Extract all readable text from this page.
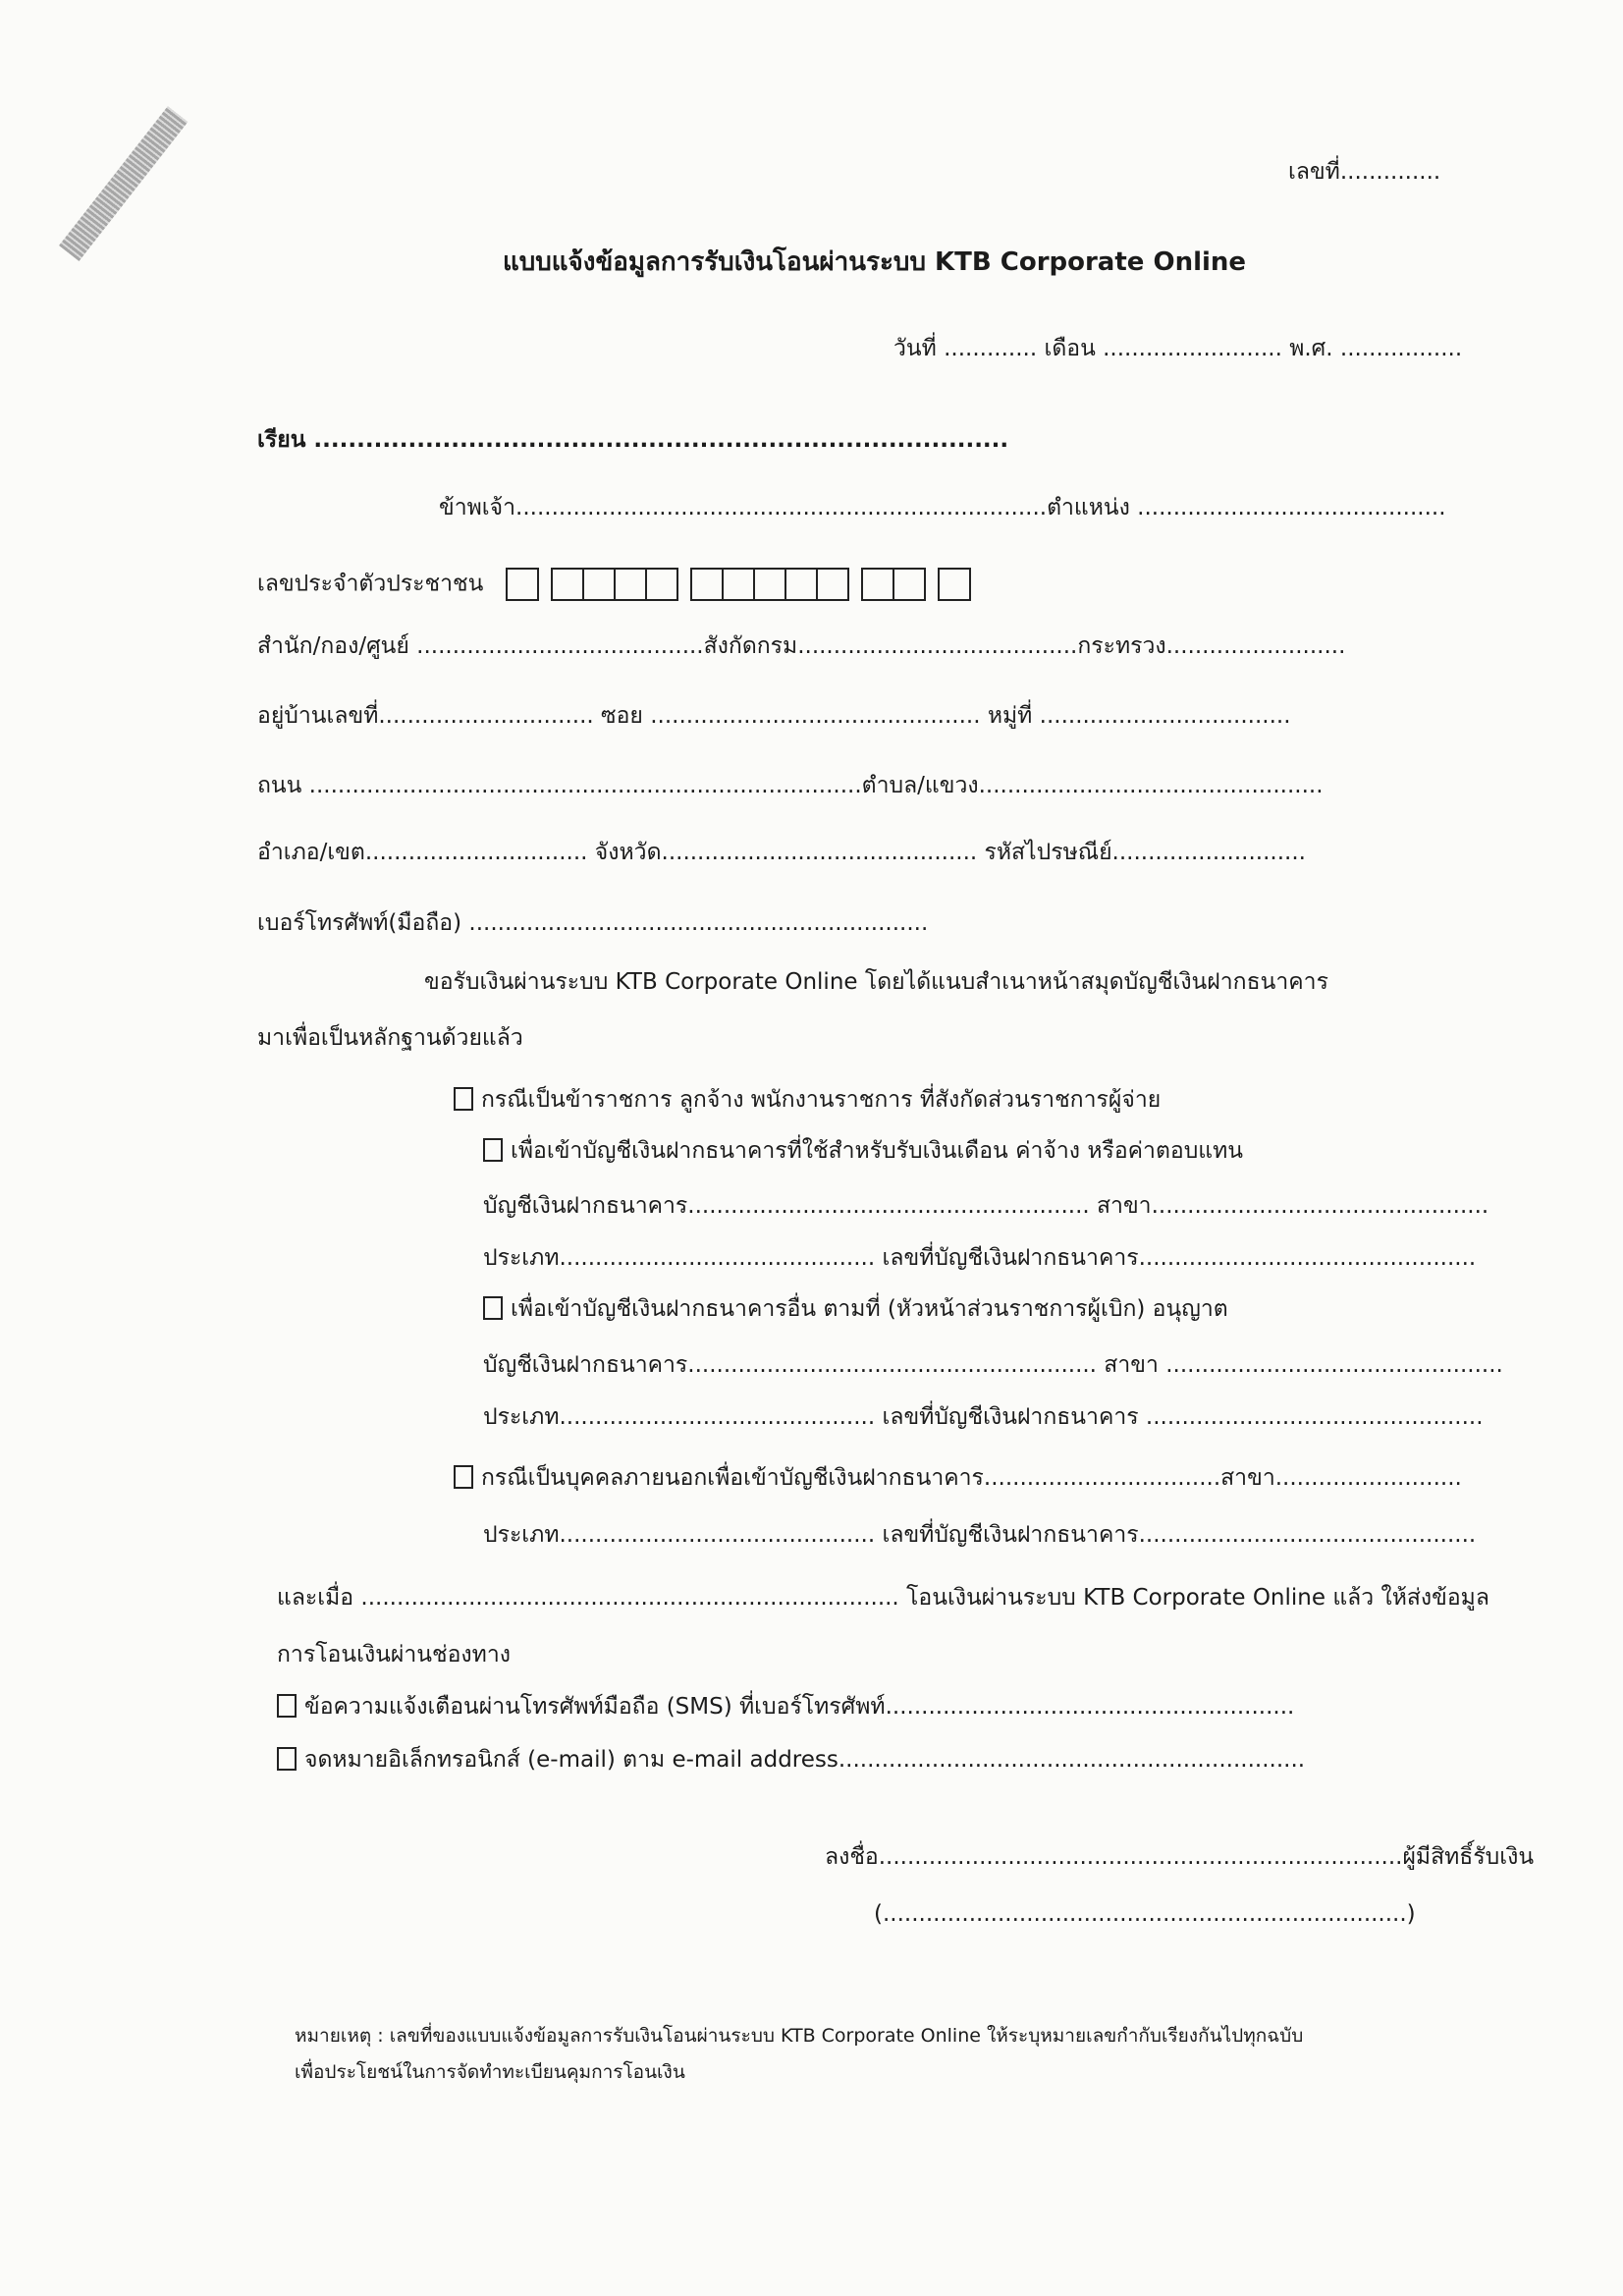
เลขที่..............
แบบแจ้งข้อมูลการรับเงินโอนผ่านระบบ KTB Corporate Online
วันที่ ............. เดือน ......................... พ.ศ. .................
เรียน .................................................................................
ข้าพเจ้า..........................................................................ตำแหน่ง ...........................................
เลขประจำตัวประชาชน
สำนัก/กอง/ศูนย์ ........................................สังกัดกรม.......................................กระทรวง.........................
อยู่บ้านเลขที่.............................. ซอย .............................................. หมู่ที่ ...................................
ถนน .............................................................................ตำบล/แขวง................................................
อำเภอ/เขต............................... จังหวัด............................................ รหัสไปรษณีย์...........................
เบอร์โทรศัพท์(มือถือ) ................................................................
ขอรับเงินผ่านระบบ KTB Corporate Online โดยได้แนบสำเนาหน้าสมุดบัญชีเงินฝากธนาคาร
มาเพื่อเป็นหลักฐานด้วยแล้ว
กรณีเป็นข้าราชการ ลูกจ้าง พนักงานราชการ ที่สังกัดส่วนราชการผู้จ่าย
เพื่อเข้าบัญชีเงินฝากธนาคารที่ใช้สำหรับรับเงินเดือน ค่าจ้าง หรือค่าตอบแทน
บัญชีเงินฝากธนาคาร........................................................ สาขา...............................................
ประเภท............................................ เลขที่บัญชีเงินฝากธนาคาร...............................................
เพื่อเข้าบัญชีเงินฝากธนาคารอื่น ตามที่ (หัวหน้าส่วนราชการผู้เบิก) อนุญาต
บัญชีเงินฝากธนาคาร......................................................... สาขา ...............................................
ประเภท............................................ เลขที่บัญชีเงินฝากธนาคาร ...............................................
กรณีเป็นบุคคลภายนอกเพื่อเข้าบัญชีเงินฝากธนาคาร.................................สาขา..........................
ประเภท............................................ เลขที่บัญชีเงินฝากธนาคาร...............................................
และเมื่อ ........................................................................... โอนเงินผ่านระบบ KTB Corporate Online แล้ว ให้ส่งข้อมูล
การโอนเงินผ่านช่องทาง
ข้อความแจ้งเตือนผ่านโทรศัพท์มือถือ (SMS) ที่เบอร์โทรศัพท์.........................................................
จดหมายอิเล็กทรอนิกส์ (e-mail) ตาม e-mail address.................................................................
ลงชื่อ.........................................................................ผู้มีสิทธิ์รับเงิน
(.........................................................................)
หมายเหตุ : เลขที่ของแบบแจ้งข้อมูลการรับเงินโอนผ่านระบบ KTB Corporate Online ให้ระบุหมายเลขกำกับเรียงกันไปทุกฉบับ
เพื่อประโยชน์ในการจัดทำทะเบียนคุมการโอนเงิน
